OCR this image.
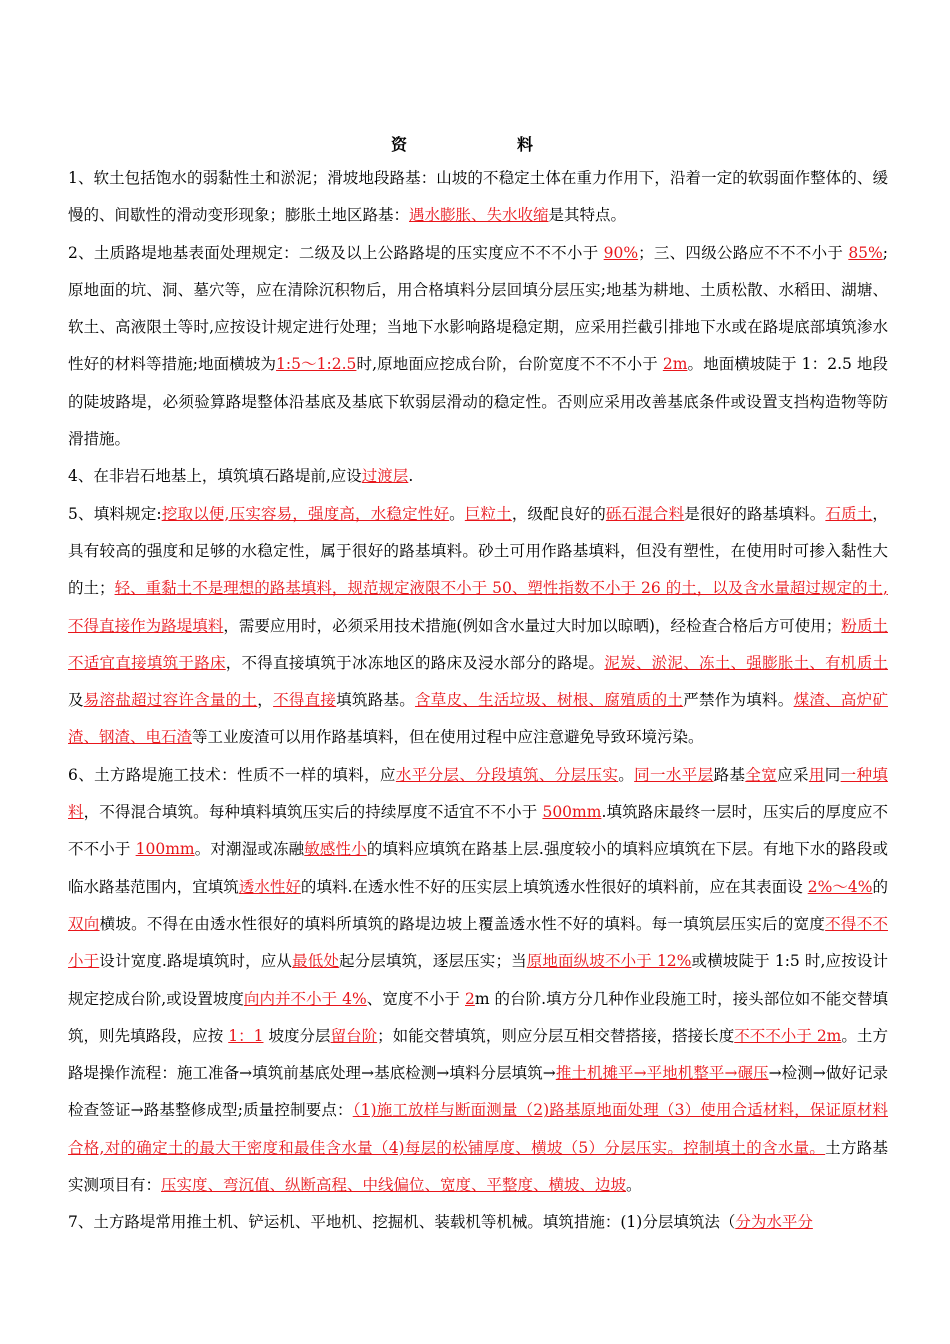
资　　料

1、软土包括饱水的弱黏性土和淤泥；滑坡地段路基：山坡的不稳定土体在重力作用下，沿着一定的软弱面作整体的、缓慢的、间歇性的滑动变形现象；膨胀土地区路基：遇水膨胀、失水收缩是其特点。

2、土质路堤地基表面处理规定：二级及以上公路路堤的压实度应不不不小于 90%；三、四级公路应不不不小于 85%;原地面的坑、洞、墓穴等，应在清除沉积物后，用合格填料分层回填分层压实;地基为耕地、土质松散、水稻田、湖塘、软土、高液限土等时,应按设计规定进行处理；当地下水影响路堤稳定期，应采用拦截引排地下水或在路堤底部填筑渗水性好的材料等措施;地面横坡为1:5～1:2.5时,原地面应挖成台阶，台阶宽度不不不小于 2m。地面横坡陡于 1：2.5 地段的陡坡路堤，必须验算路堤整体沿基底及基底下软弱层滑动的稳定性。否则应采用改善基底条件或设置支挡构造物等防滑措施。

4、在非岩石地基上，填筑填石路堤前,应设过渡层.

5、填料规定:挖取以便,压实容易，强度高，水稳定性好。巨粒土，级配良好的砾石混合料是很好的路基填料。石质土，具有较高的强度和足够的水稳定性，属于很好的路基填料。砂土可用作路基填料，但没有塑性，在使用时可掺入黏性大的土；轻、重黏土不是理想的路基填料，规范规定液限不小于 50、塑性指数不小于 26 的土，以及含水量超过规定的土, 不得直接作为路堤填料，需要应用时，必须采用技术措施(例如含水量过大时加以晾晒)，经检查合格后方可使用；粉质土不适宜直接填筑于路床，不得直接填筑于冰冻地区的路床及浸水部分的路堤。泥炭、淤泥、冻土、强膨胀土、有机质土及易溶盐超过容许含量的土，不得直接填筑路基。含草皮、生活垃圾、树根、腐殖质的土严禁作为填料。煤渣、高炉矿渣、钢渣、电石渣等工业废渣可以用作路基填料，但在使用过程中应注意避免导致环境污染。

6、土方路堤施工技术：性质不一样的填料，应水平分层、分段填筑、分层压实。同一水平层路基全宽应采用同一种填料，不得混合填筑。每种填料填筑压实后的持续厚度不适宜不不小于 500mm.填筑路床最终一层时，压实后的厚度应不不不小于 100mm。对潮湿或冻融敏感性小的填料应填筑在路基上层.强度较小的填料应填筑在下层。有地下水的路段或临水路基范围内，宜填筑透水性好的填料.在透水性不好的压实层上填筑透水性很好的填料前，应在其表面设 2%～4%的双向横坡。不得在由透水性很好的填料所填筑的路堤边坡上覆盖透水性不好的填料。每一填筑层压实后的宽度不得不不小于设计宽度.路堤填筑时，应从最低处起分层填筑，逐层压实；当原地面纵坡不小于 12%或横坡陡于 1:5 时,应按设计规定挖成台阶,或设置坡度向内并不小于 4%、宽度不小于 2m 的台阶.填方分几种作业段施工时，接头部位如不能交替填筑，则先填路段，应按 1：1 坡度分层留台阶；如能交替填筑，则应分层互相交替搭接，搭接长度不不不小于 2m。土方路堤操作流程：施工准备→填筑前基底处理→基底检测→填料分层填筑→推土机摊平→平地机整平→碾压→检测→做好记录检查签证→路基整修成型;质量控制要点：（1)施工放样与断面测量（2)路基原地面处理（3）使用合适材料，保证原材料合格,对的确定土的最大干密度和最佳含水量（4)每层的松铺厚度、横坡（5）分层压实。控制填土的含水量。土方路基实测项目有：压实度、弯沉值、纵断高程、中线偏位、宽度、平整度、横坡、边坡。

7、土方路堤常用推土机、铲运机、平地机、挖掘机、装载机等机械。填筑措施：(1)分层填筑法（分为水平分
